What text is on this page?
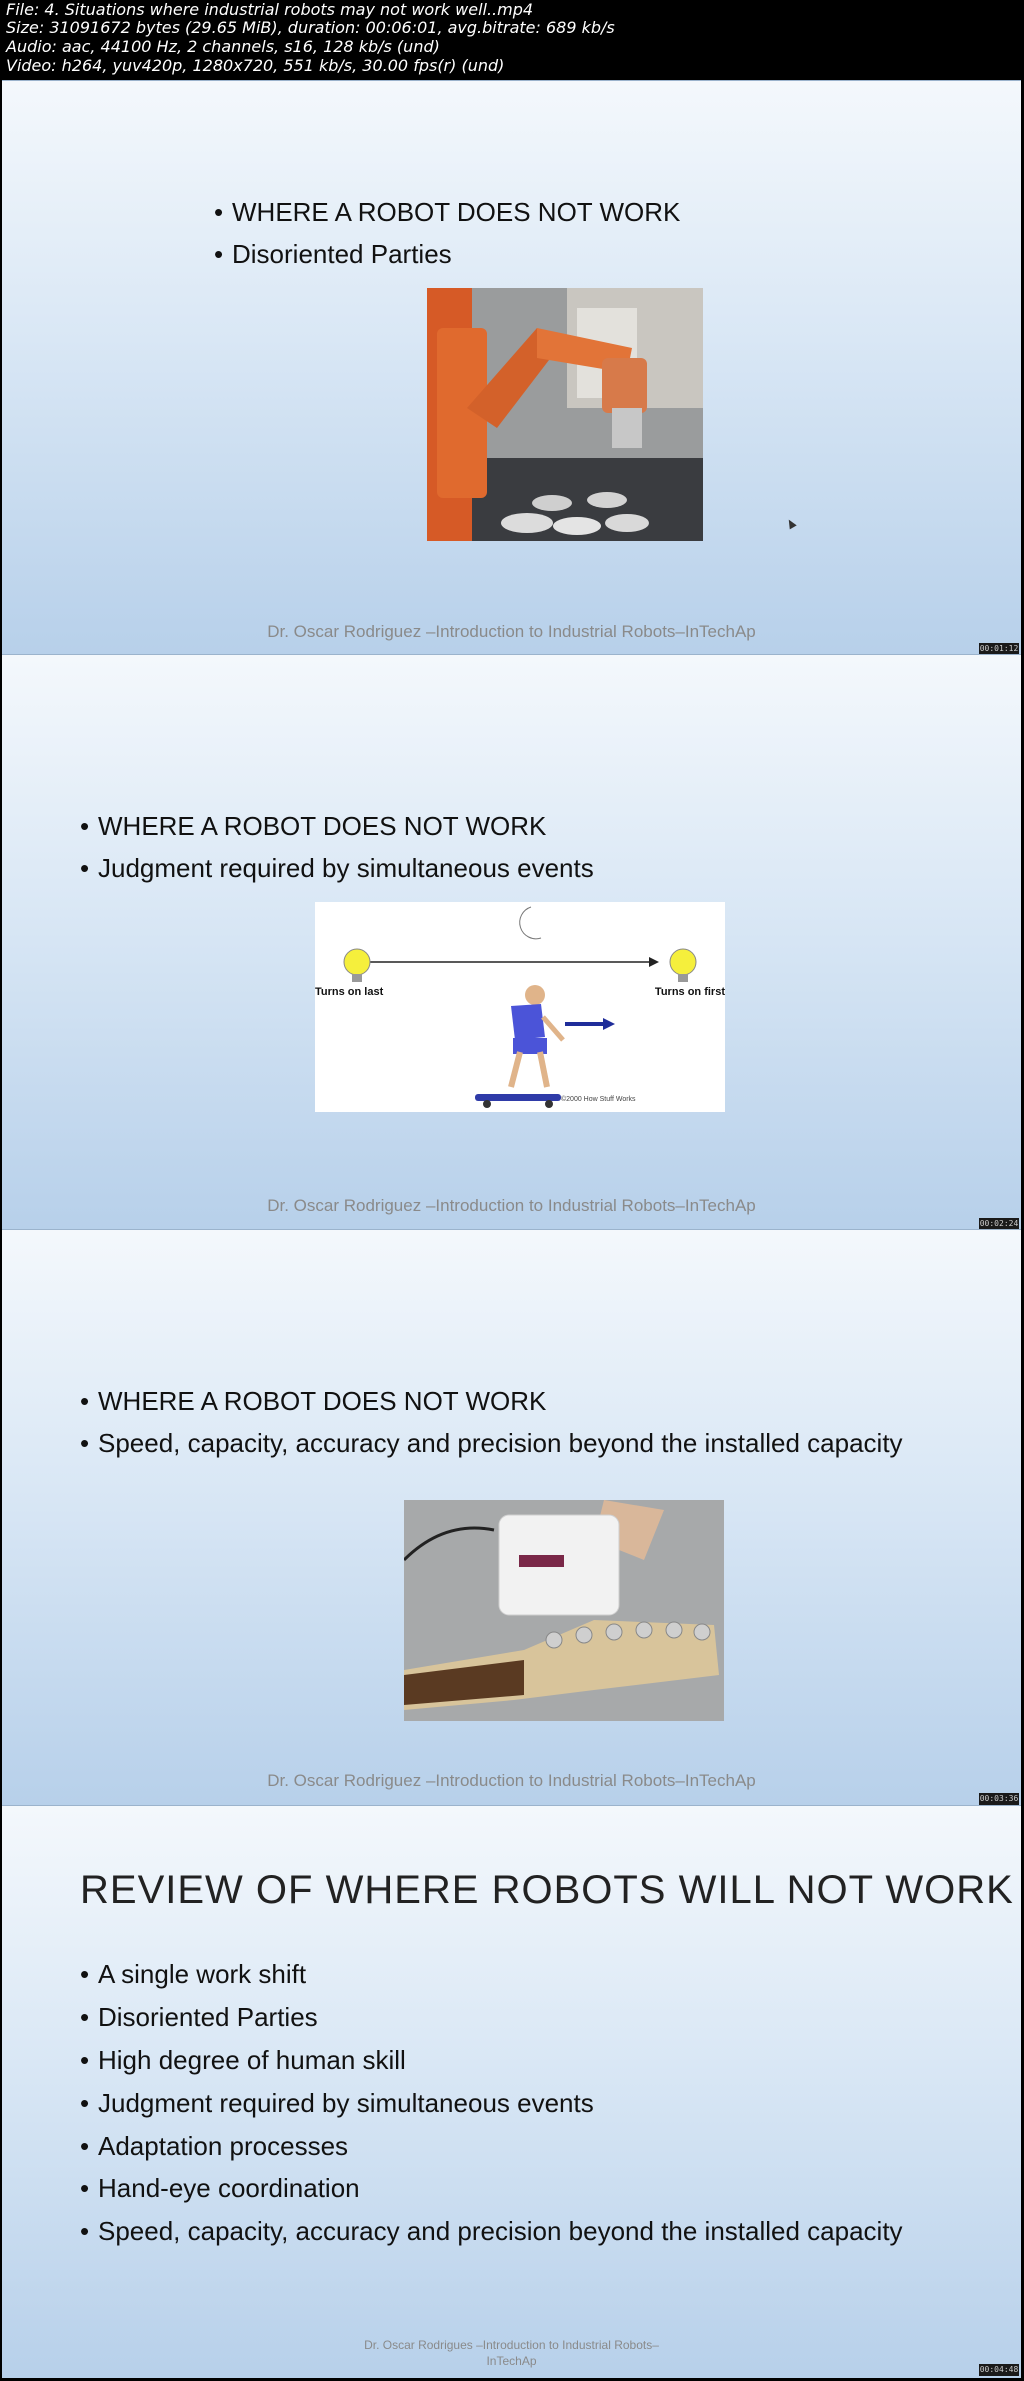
File: 4. Situations where industrial robots may not work well..mp4
Size: 31091672 bytes (29.65 MiB), duration: 00:06:01, avg.bitrate: 689 kb/s
Audio: aac, 44100 Hz, 2 channels, s16, 128 kb/s (und)
Video: h264, yuv420p, 1280x720, 551 kb/s, 30.00 fps(r) (und)
• WHERE A ROBOT DOES NOT WORK
• Disoriented Parties
Dr. Oscar Rodriguez –Introduction to Industrial Robots–InTechAp
00:01:12
• WHERE A ROBOT DOES NOT WORK
• Judgment required by simultaneous events
Turns on last	Turns on first
©2000 How Stuff Works
Dr. Oscar Rodriguez –Introduction to Industrial Robots–InTechAp
00:02:24
• WHERE A ROBOT DOES NOT WORK
• Speed, capacity, accuracy and precision beyond the installed capacity
Dr. Oscar Rodriguez –Introduction to Industrial Robots–InTechAp
00:03:36
REVIEW OF WHERE ROBOTS WILL NOT WORK
• A single work shift
• Disoriented Parties
• High degree of human skill
• Judgment required by simultaneous events
• Adaptation processes
• Hand-eye coordination
• Speed, capacity, accuracy and precision beyond the installed capacity
Dr. Oscar Rodrigues –Introduction to Industrial Robots–
InTechAp
00:04:48
